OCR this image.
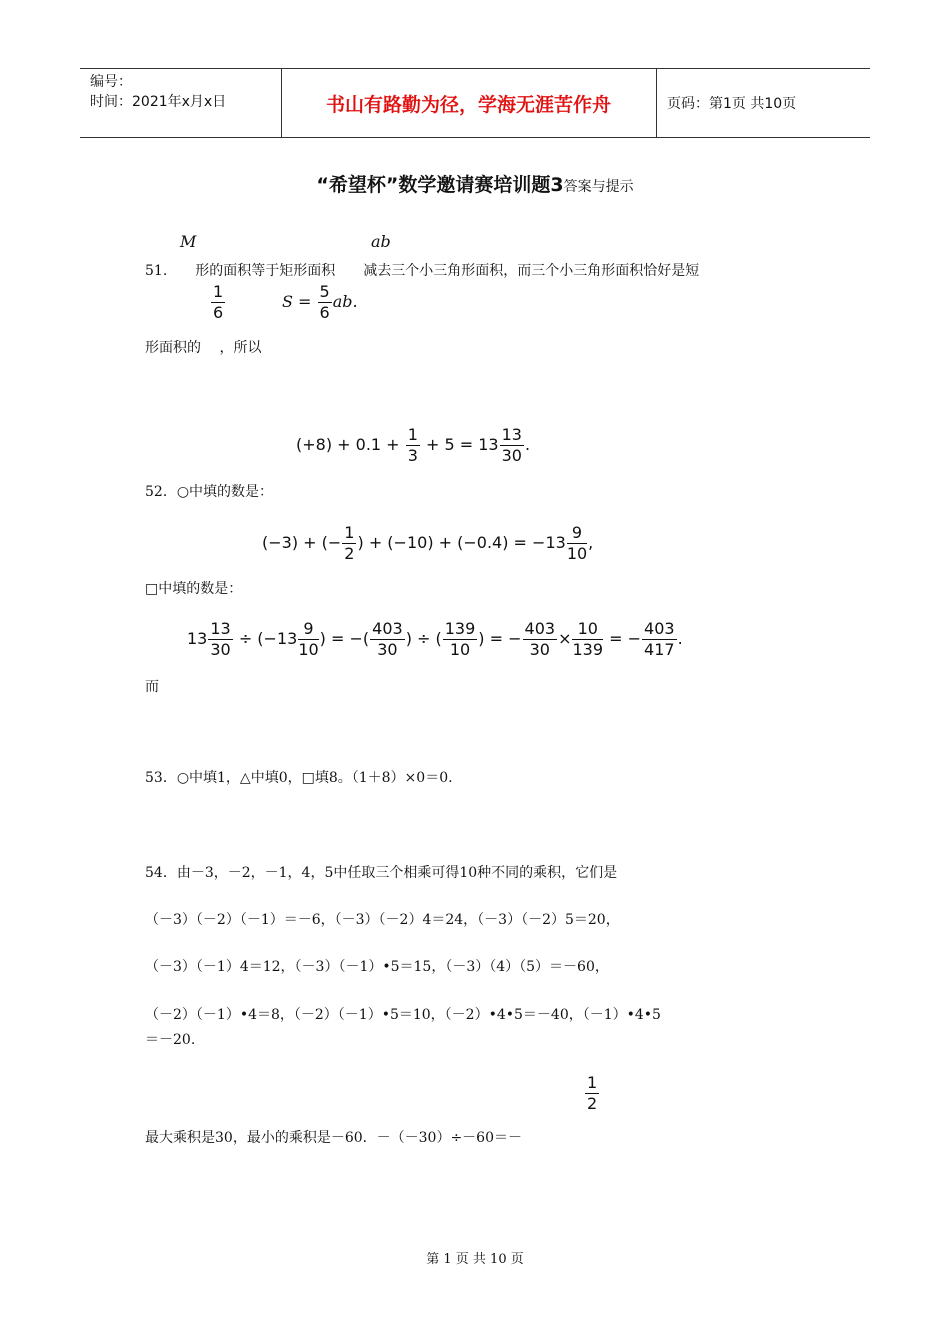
编号：
时间：2021年x月x日	书山有路勤为径，学海无涯苦作舟	页码：第1页 共10页
“希望杯”数学邀请赛培训题3答案与提示
M	ab
51.　　形的面积等于矩形面积　　减去三个小三角形面积，而三个小三角形面积恰好是短
$\frac{1}{6}$	$S = \frac{5}{6}$ ab.
形面积的　 ，所以
$(+8) + 0.1 + \frac{1}{3} + 5 = 13 \frac{13}{30}$ .
52．○中填的数是：
(−3) + (− $\frac{1}{2}$ ) + $(-10) + (-0.4) = -13 \frac{9}{10}$ ,
□中填的数是：
$13 \frac{13}{30} \div (-13 \frac{9}{10}$ ) = −( $\frac{403}{30}$ ) ÷ ( $\frac{139}{10}$ ) = − $\frac{403}{30} \times \frac{10}{139}$ = − $\frac{403}{417}$ .
而
53．○中填1，△中填0，□填8。（1＋8）×0＝0.
54．由－3，－2，－1，4，5中任取三个相乘可得10种不同的乘积，它们是
（－3）（－2）（－1）＝－6，（－3）（－2）4＝24，（－3）（－2）5＝20，
（－3）（－1）4＝12，（－3）（－1）•5＝15，（－3）（4）（5）＝－60，
（－2）（－1）•4＝8，（－2）（－1）•5＝10，（－2）•4•5＝－40，（－1）•4•5
＝－20.
$\frac{1}{2}$
最大乘积是30，最小的乘积是－60．－（－30）÷－60＝－
第 1 页 共 10 页
